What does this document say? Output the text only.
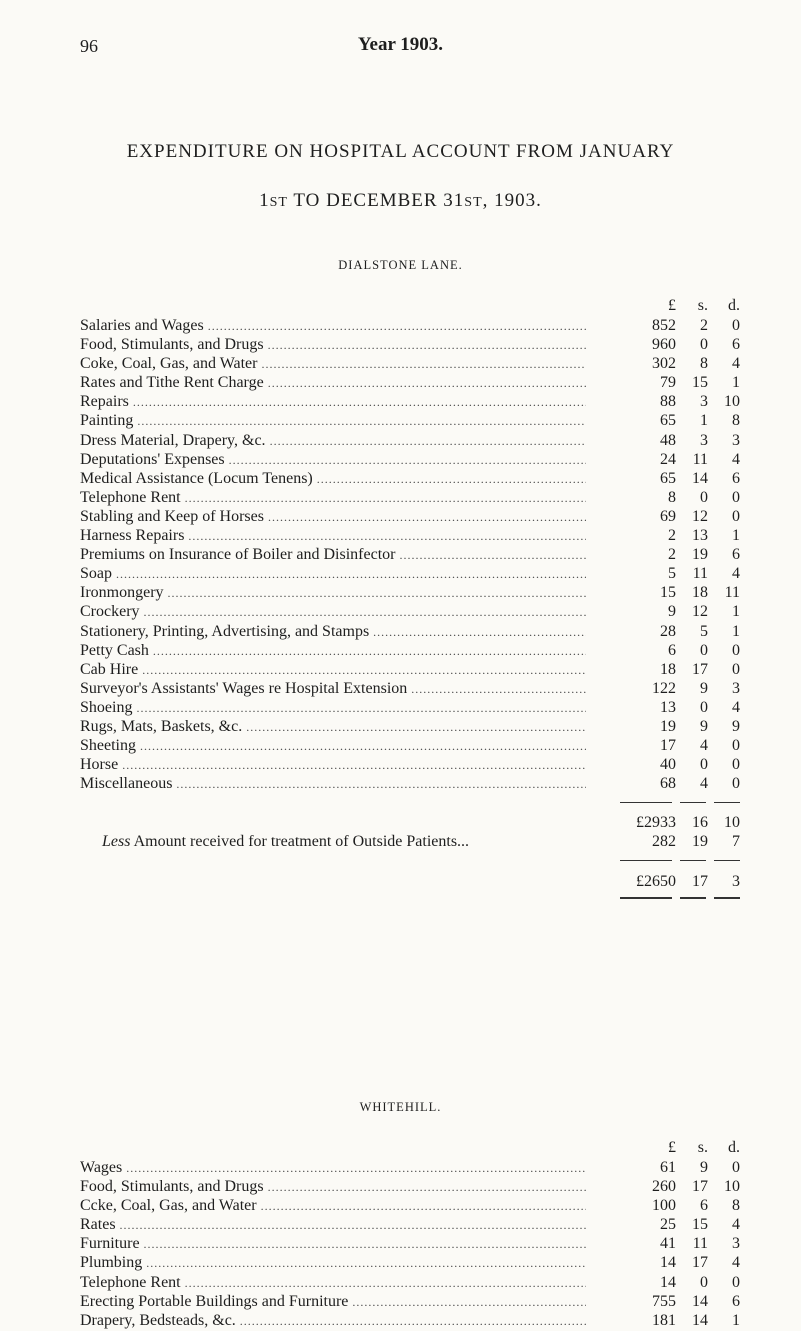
96	Year 1903.
EXPENDITURE ON HOSPITAL ACCOUNT FROM JANUARY
1ST TO DECEMBER 31ST, 1903.
DIALSTONE LANE.
£	s.	d.
Salaries and Wages .....	852	2	0
Food, Stimulants, and Drugs .....	960	0	6
Coke, Coal, Gas, and Water .....	302	8	4
Rates and Tithe Rent Charge .....	79	15	1
Repairs .....	88	3	10
Painting .....	65	1	8
Dress Material, Drapery, &c. .....	48	3	3
Deputations' Expenses .....	24	11	4
Medical Assistance (Locum Tenens) .....	65	14	6
Telephone Rent .....	8	0	0
Stabling and Keep of Horses .....	69	12	0
Harness Repairs .....	2	13	1
Premiums on Insurance of Boiler and Disinfector .....	2	19	6
Soap .....	5	11	4
Ironmongery .....	15	18	11
Crockery .....	9	12	1
Stationery, Printing, Advertising, and Stamps .....	28	5	1
Petty Cash .....	6	0	0
Cab Hire .....	18	17	0
Surveyor's Assistants' Wages re Hospital Extension .....	122	9	3
Shoeing .....	13	0	4
Rugs, Mats, Baskets, &c. .....	19	9	9
Sheeting .....	17	4	0
Horse .....	40	0	0
Miscellaneous .....	68	4	0
£2933	16	10
Less Amount received for treatment of Outside Patients...	282	19	7
£2650	17	3
WHITEHILL.
£	s.	d.
Wages .....	61	9	0
Food, Stimulants, and Drugs .....	260	17	10
Ccke, Coal, Gas, and Water .....	100	6	8
Rates .....	25	15	4
Furniture .....	41	11	3
Plumbing .....	14	17	4
Telephone Rent .....	14	0	0
Erecting Portable Buildings and Furniture .....	755	14	6
Drapery, Bedsteads, &c. .....	181	14	1
